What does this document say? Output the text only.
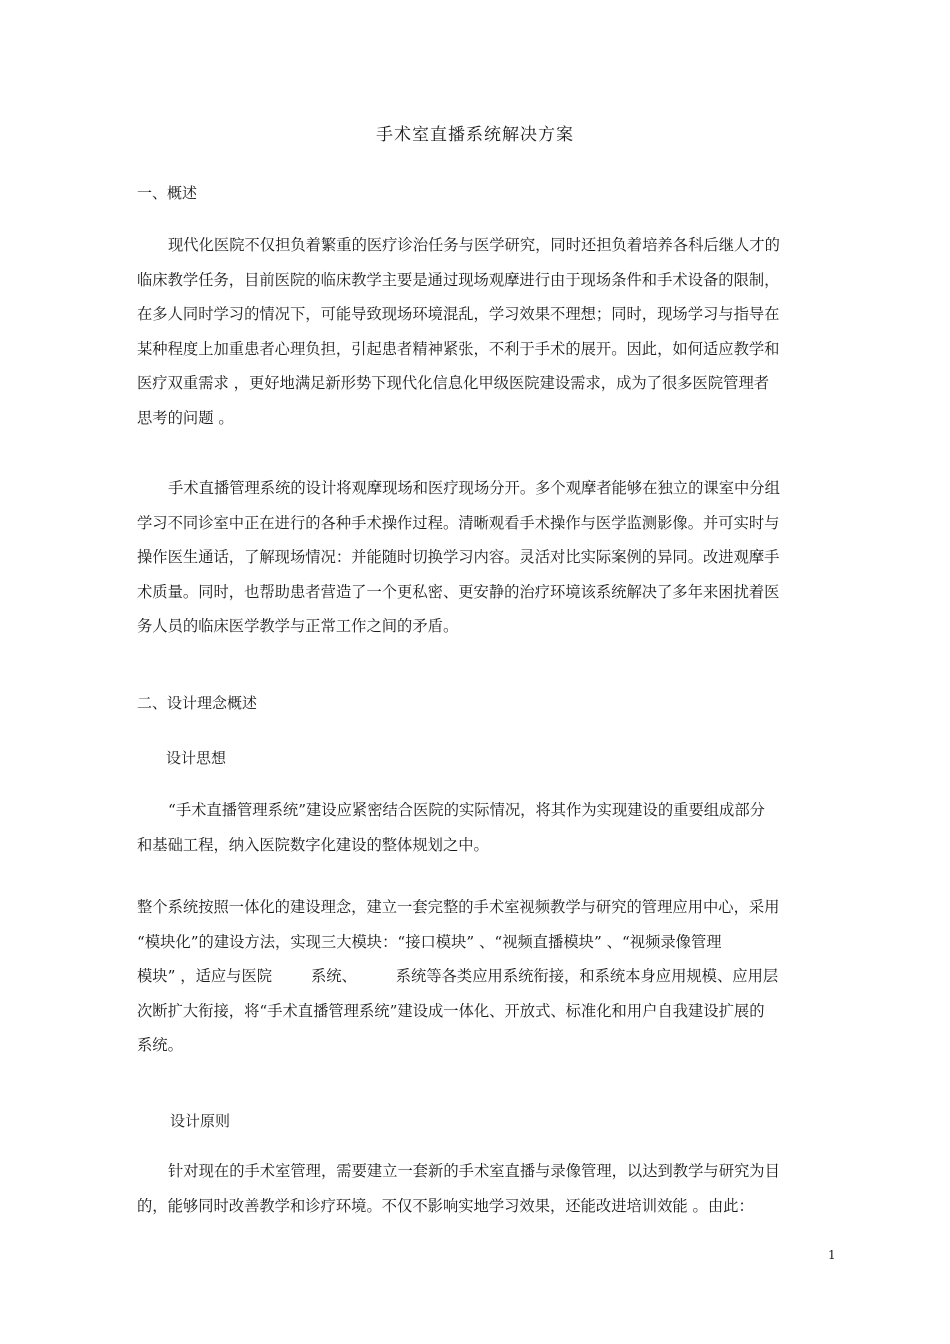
手术室直播系统解决方案
一、概述

现代化医院不仅担负着繁重的医疗诊治任务与医学研究，同时还担负着培养各科后继人才的
临床教学任务，目前医院的临床教学主要是通过现场观摩进行由于现场条件和手术设备的限制，
在多人同时学习的情况下，可能导致现场环境混乱，学习效果不理想；同时，现场学习与指导在
某种程度上加重患者心理负担，引起患者精神紧张，不利于手术的展开。因此，如何适应教学和
医疗双重需求 ，更好地满足新形势下现代化信息化甲级医院建设需求，成为了很多医院管理者
思考的问题 。

手术直播管理系统的设计将观摩现场和医疗现场分开。多个观摩者能够在独立的课室中分组
学习不同诊室中正在进行的各种手术操作过程。清晰观看手术操作与医学监测影像。并可实时与
操作医生通话，了解现场情况：并能随时切换学习内容。灵活对比实际案例的异同。改进观摩手
术质量。同时，也帮助患者营造了一个更私密、更安静的治疗环境该系统解决了多年来困扰着医
务人员的临床医学教学与正常工作之间的矛盾。

二、设计理念概述
设计思想

“手术直播管理系统”建设应紧密结合医院的实际情况，将其作为实现建设的重要组成部分
和基础工程，纳入医院数字化建设的整体规划之中。

整个系统按照一体化的建设理念，建立一套完整的手术室视频教学与研究的管理应用中心，采用
“模块化”的建设方法，实现三大模块：“接口模块” 、“视频直播模块” 、“视频录像管理
模块” ，适应与医院        系统、        系统等各类应用系统衔接，和系统本身应用规模、应用层
次断扩大衔接，将“手术直播管理系统”建设成一体化、开放式、标准化和用户自我建设扩展的
系统。

设计原则

针对现在的手术室管理，需要建立一套新的手术室直播与录像管理，以达到教学与研究为目
的，能够同时改善教学和诊疗环境。不仅不影响实地学习效果，还能改进培训效能 。由此：

1
